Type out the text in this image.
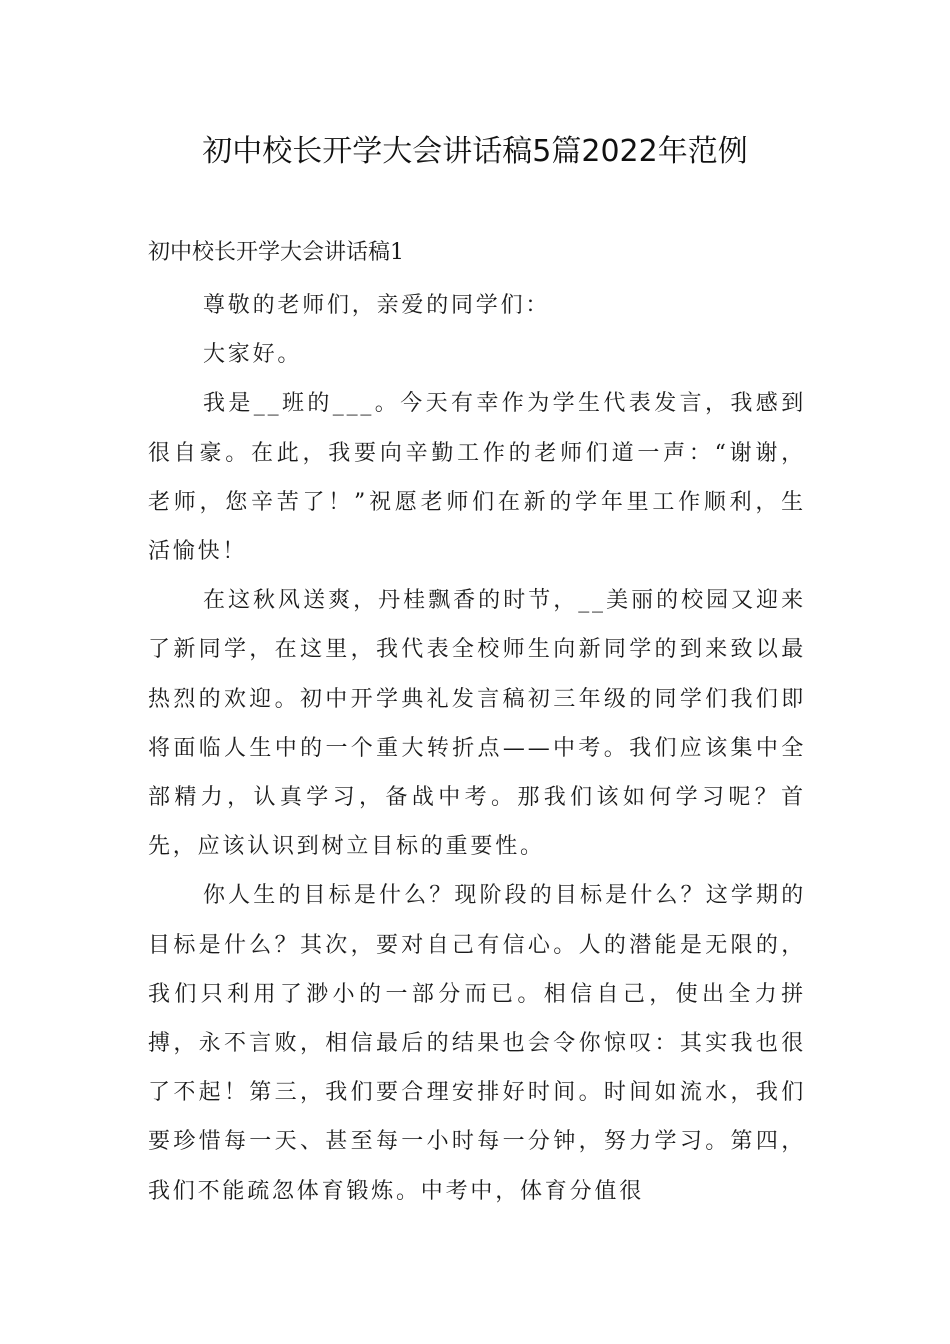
初中校长开学大会讲话稿5篇2022年范例

初中校长开学大会讲话稿1

尊敬的老师们，亲爱的同学们：

大家好。

我是__班的___。今天有幸作为学生代表发言，我感到很自豪。在此，我要向辛勤工作的老师们道一声：“谢谢，老师，您辛苦了！”祝愿老师们在新的学年里工作顺利，生活愉快！

在这秋风送爽，丹桂飘香的时节，__美丽的校园又迎来了新同学，在这里，我代表全校师生向新同学的到来致以最热烈的欢迎。初中开学典礼发言稿初三年级的同学们我们即将面临人生中的一个重大转折点——中考。我们应该集中全部精力，认真学习，备战中考。那我们该如何学习呢？首先，应该认识到树立目标的重要性。

你人生的目标是什么？现阶段的目标是什么？这学期的目标是什么？其次，要对自己有信心。人的潜能是无限的，我们只利用了渺小的一部分而已。相信自己，使出全力拼搏，永不言败，相信最后的结果也会令你惊叹：其实我也很了不起！第三，我们要合理安排好时间。时间如流水，我们要珍惜每一天、甚至每一小时每一分钟，努力学习。第四，我们不能疏忽体育锻炼。中考中，体育分值很
